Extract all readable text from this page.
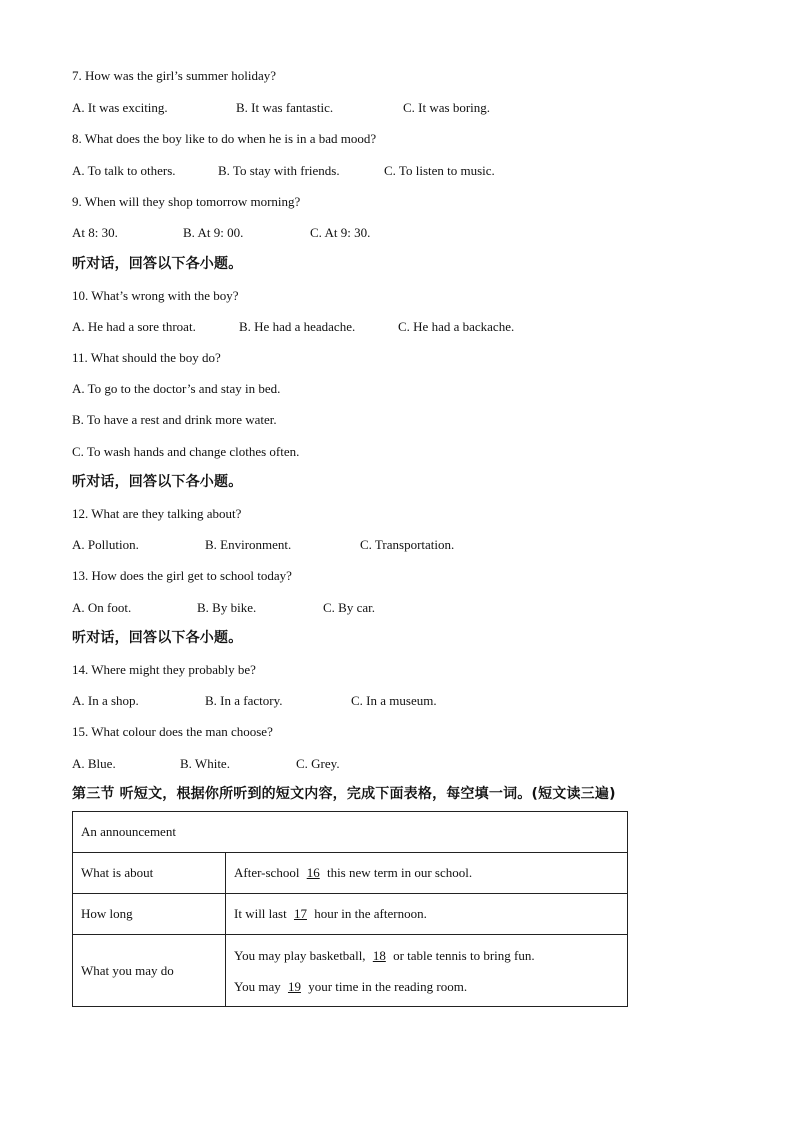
7. How was the girl’s summer holiday?
A. It was exciting.	B. It was fantastic.	C. It was boring.
8. What does the boy like to do when he is in a bad mood?
A. To talk to others.	B. To stay with friends.	C. To listen to music.
9. When will they shop tomorrow morning?
At 8: 30.	B. At 9: 00.	C. At 9: 30.
听对话，回答以下各小题。
10. What’s wrong with the boy?
A. He had a sore throat.	B. He had a headache.	C. He had a backache.
11. What should the boy do?
A. To go to the doctor’s and stay in bed.
B. To have a rest and drink more water.
C. To wash hands and change clothes often.
听对话，回答以下各小题。
12. What are they talking about?
A. Pollution.	B. Environment.	C. Transportation.
13. How does the girl get to school today?
A. On foot.	B. By bike.	C. By car.
听对话，回答以下各小题。
14. Where might they probably be?
A. In a shop.	B. In a factory.	C. In a museum.
15. What colour does the man choose?
A. Blue.	B. White.	C. Grey.
第三节 听短文，根据你所听到的短文内容，完成下面表格，每空填一词。(短文读三遍)
An announcement	
What is about	After-school 16 this new term in our school.
How long	It will last 17 hour in the afternoon.
What you may do	You may play basketball, 18 or table tennis to bring fun.
You may 19 your time in the reading room.
